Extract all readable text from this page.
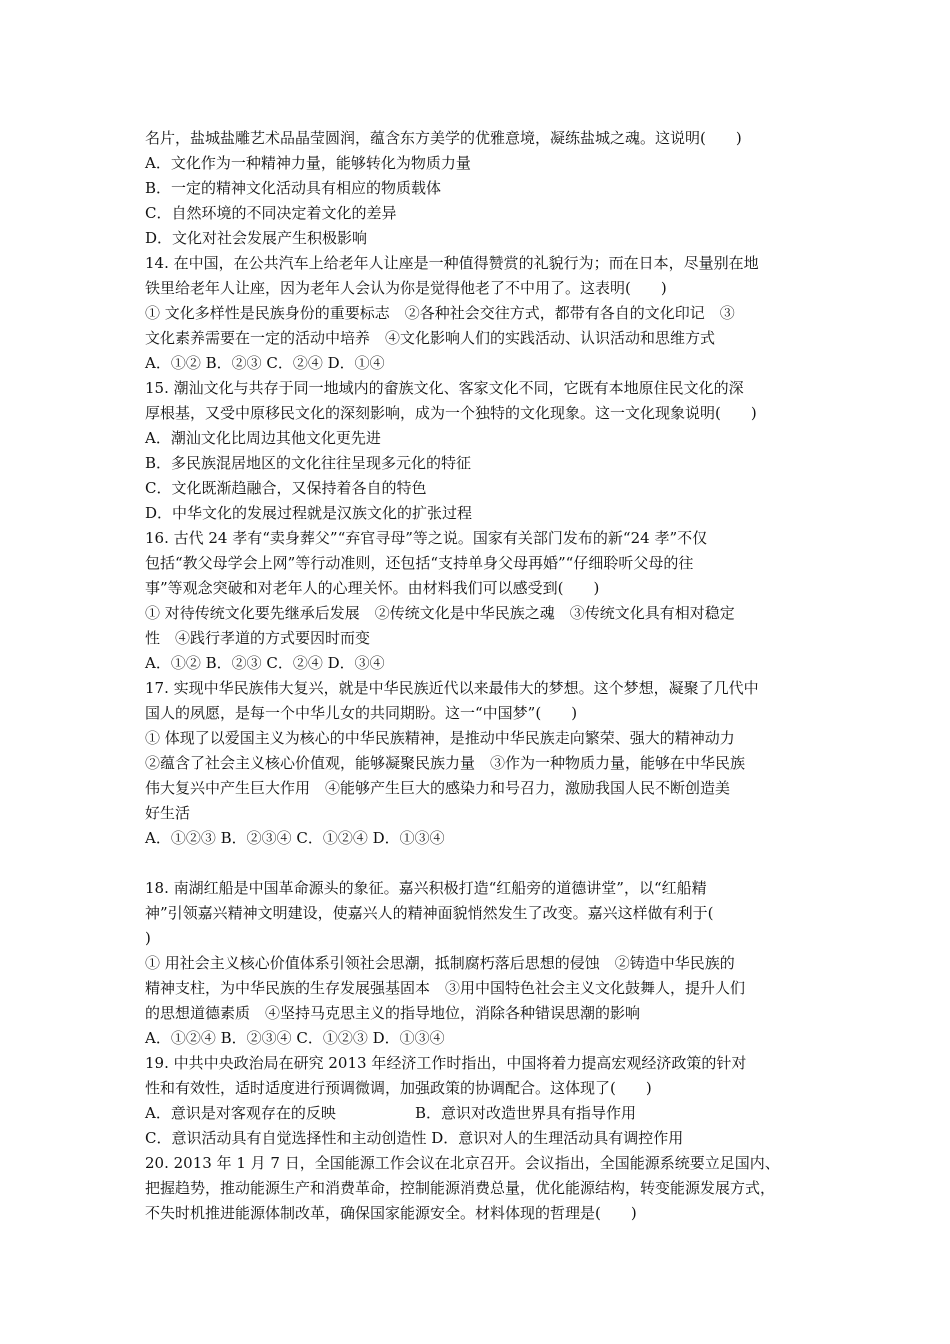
名片，盐城盐雕艺术品晶莹圆润，蕴含东方美学的优雅意境，凝练盐城之魂。这说明(　　)
A．文化作为一种精神力量，能够转化为物质力量
B．一定的精神文化活动具有相应的物质载体
C．自然环境的不同决定着文化的差异
D．文化对社会发展产生积极影响
14. 在中国，在公共汽车上给老年人让座是一种值得赞赏的礼貌行为；而在日本，尽量别在地
铁里给老年人让座，因为老年人会认为你是觉得他老了不中用了。这表明(　　)
① 文化多样性是民族身份的重要标志　②各种社会交往方式，都带有各自的文化印记　③
文化素养需要在一定的活动中培养　④文化影响人们的实践活动、认识活动和思维方式
A．①② B．②③ C．②④ D．①④
15. 潮汕文化与共存于同一地域内的畲族文化、客家文化不同，它既有本地原住民文化的深
厚根基，又受中原移民文化的深刻影响，成为一个独特的文化现象。这一文化现象说明(　　)
A．潮汕文化比周边其他文化更先进
B．多民族混居地区的文化往往呈现多元化的特征
C．文化既渐趋融合，又保持着各自的特色
D．中华文化的发展过程就是汉族文化的扩张过程
16. 古代 24 孝有“卖身葬父”“弃官寻母”等之说。国家有关部门发布的新“24 孝”不仅
包括“教父母学会上网”等行动准则，还包括“支持单身父母再婚”“仔细聆听父母的往
事”等观念突破和对老年人的心理关怀。由材料我们可以感受到(　　)
① 对待传统文化要先继承后发展　②传统文化是中华民族之魂　③传统文化具有相对稳定
性　④践行孝道的方式要因时而变
A．①② B．②③ C．②④ D．③④
17. 实现中华民族伟大复兴，就是中华民族近代以来最伟大的梦想。这个梦想，凝聚了几代中
国人的夙愿，是每一个中华儿女的共同期盼。这一“中国梦”(　　)
① 体现了以爱国主义为核心的中华民族精神，是推动中华民族走向繁荣、强大的精神动力
②蕴含了社会主义核心价值观，能够凝聚民族力量　③作为一种物质力量，能够在中华民族
伟大复兴中产生巨大作用　④能够产生巨大的感染力和号召力，激励我国人民不断创造美
好生活
A．①②③ B．②③④ C．①②④ D．①③④
18. 南湖红船是中国革命源头的象征。嘉兴积极打造“红船旁的道德讲堂”，以“红船精
神”引领嘉兴精神文明建设，使嘉兴人的精神面貌悄然发生了改变。嘉兴这样做有利于(
)
① 用社会主义核心价值体系引领社会思潮，抵制腐朽落后思想的侵蚀　②铸造中华民族的
精神支柱，为中华民族的生存发展强基固本　③用中国特色社会主义文化鼓舞人，提升人们
的思想道德素质　④坚持马克思主义的指导地位，消除各种错误思潮的影响
A．①②④ B．②③④ C．①②③ D．①③④
19. 中共中央政治局在研究 2013 年经济工作时指出，中国将着力提高宏观经济政策的针对
性和有效性，适时适度进行预调微调，加强政策的协调配合。这体现了(　　)
A．意识是对客观存在的反映	B．意识对改造世界具有指导作用
C．意识活动具有自觉选择性和主动创造性 D．意识对人的生理活动具有调控作用
20. 2013 年 1 月 7 日，全国能源工作会议在北京召开。会议指出，全国能源系统要立足国内、
把握趋势，推动能源生产和消费革命，控制能源消费总量，优化能源结构，转变能源发展方式，
不失时机推进能源体制改革，确保国家能源安全。材料体现的哲理是(　　)
